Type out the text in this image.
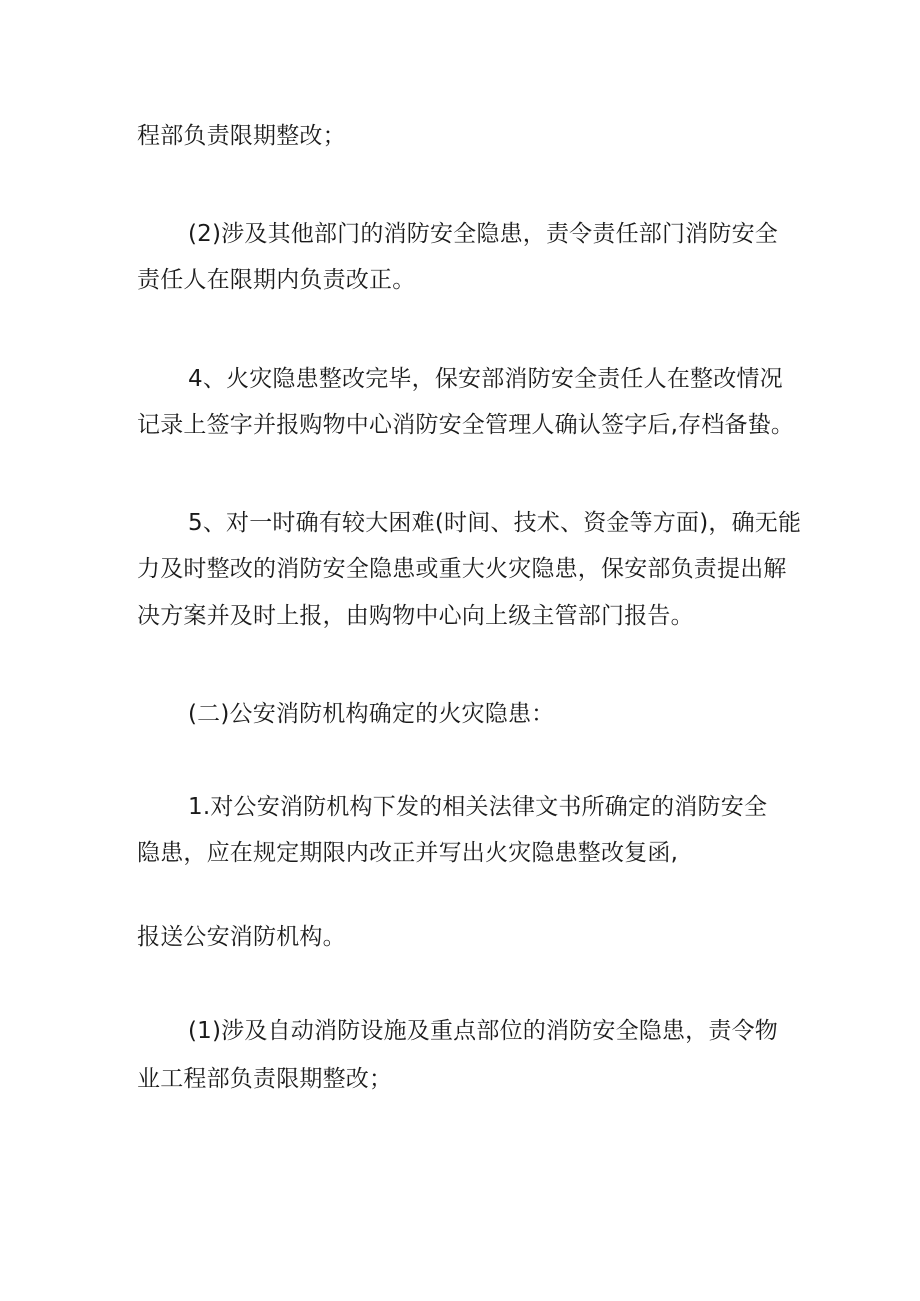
程部负责限期整改；
(2)涉及其他部门的消防安全隐患，责令责任部门消防安全
责任人在限期内负责改正。
4、火灾隐患整改完毕，保安部消防安全责任人在整改情况
记录上签字并报购物中心消防安全管理人确认签字后,存档备蛰。
5、对一时确有较大困难(时间、技术、资金等方面)，确无能
力及时整改的消防安全隐患或重大火灾隐患，保安部负责提出解
决方案并及时上报，由购物中心向上级主管部门报告。
(二)公安消防机构确定的火灾隐患：
1.对公安消防机构下发的相关法律文书所确定的消防安全
隐患，应在规定期限内改正并写出火灾隐患整改复函,
报送公安消防机构。
(1)涉及自动消防设施及重点部位的消防安全隐患，责令物
业工程部负责限期整改；
